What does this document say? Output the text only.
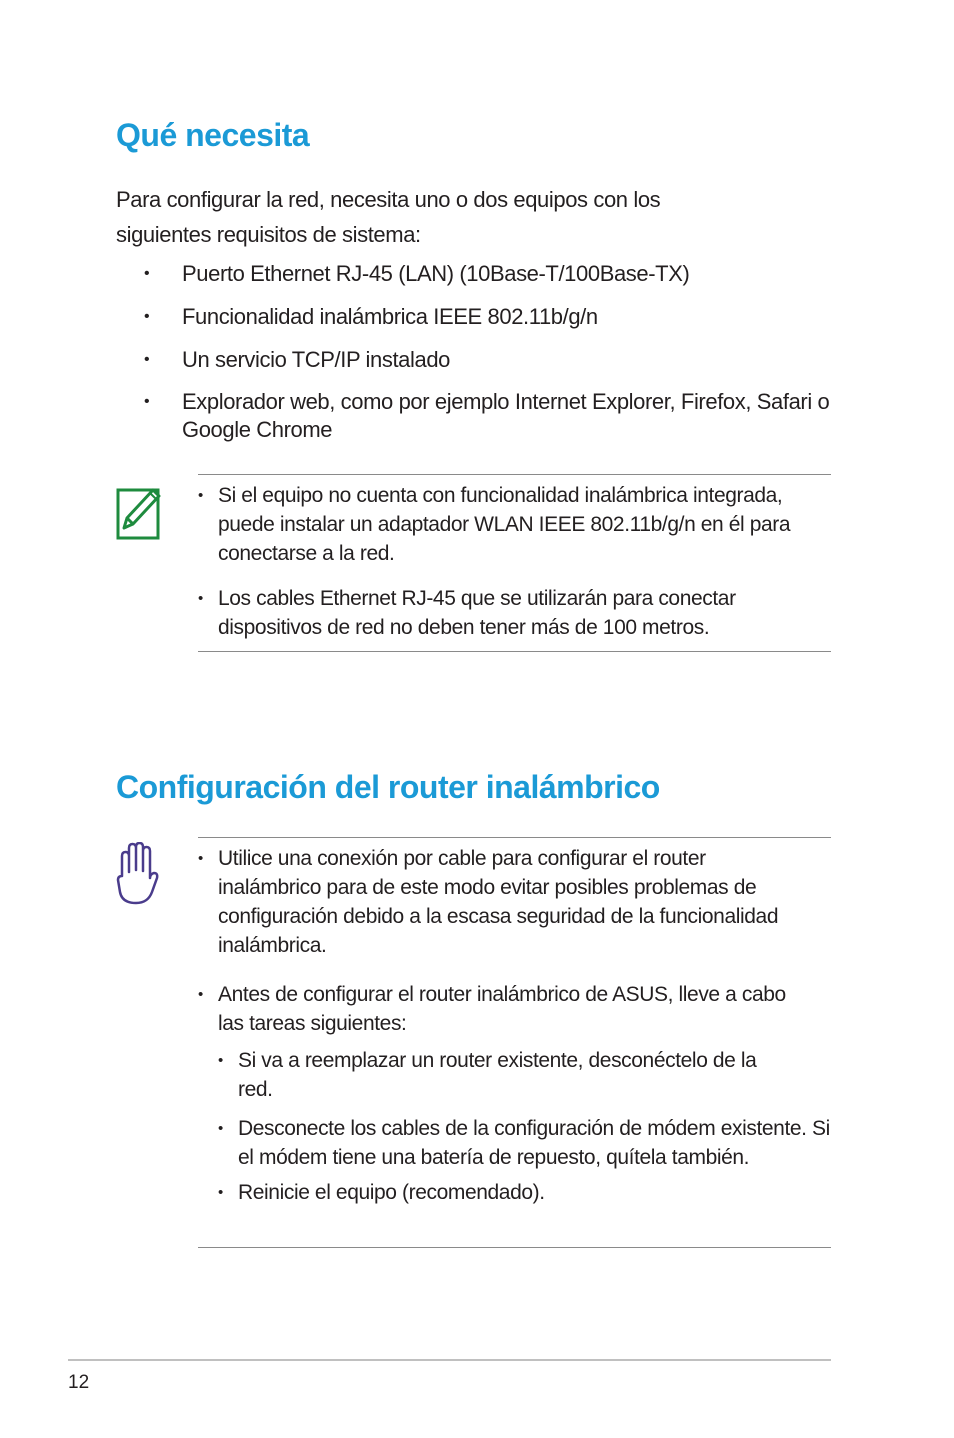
Qué necesita

Para configurar la red, necesita uno o dos equipos con los
siguientes requisitos de sistema:

• Puerto Ethernet RJ-45 (LAN) (10Base-T/100Base-TX)
• Funcionalidad inalámbrica IEEE 802.11b/g/n
• Un servicio TCP/IP instalado
• Explorador web, como por ejemplo Internet Explorer, Firefox, Safari o Google Chrome
• Si el equipo no cuenta con funcionalidad inalámbrica integrada, puede instalar un adaptador WLAN IEEE 802.11b/g/n en él para conectarse a la red.
• Los cables Ethernet RJ-45 que se utilizarán para conectar dispositivos de red no deben tener más de 100 metros.
Configuración del router inalámbrico
• Utilice una conexión por cable para configurar el router inalámbrico para de este modo evitar posibles problemas de configuración debido a la escasa seguridad de la funcionalidad inalámbrica.
• Antes de configurar el router inalámbrico de ASUS, lleve a cabo las tareas siguientes:
• Si va a reemplazar un router existente, desconéctelo de la red.
• Desconecte los cables de la configuración de módem existente. Si el módem tiene una batería de repuesto, quítela también.
• Reinicie el equipo (recomendado).
12
